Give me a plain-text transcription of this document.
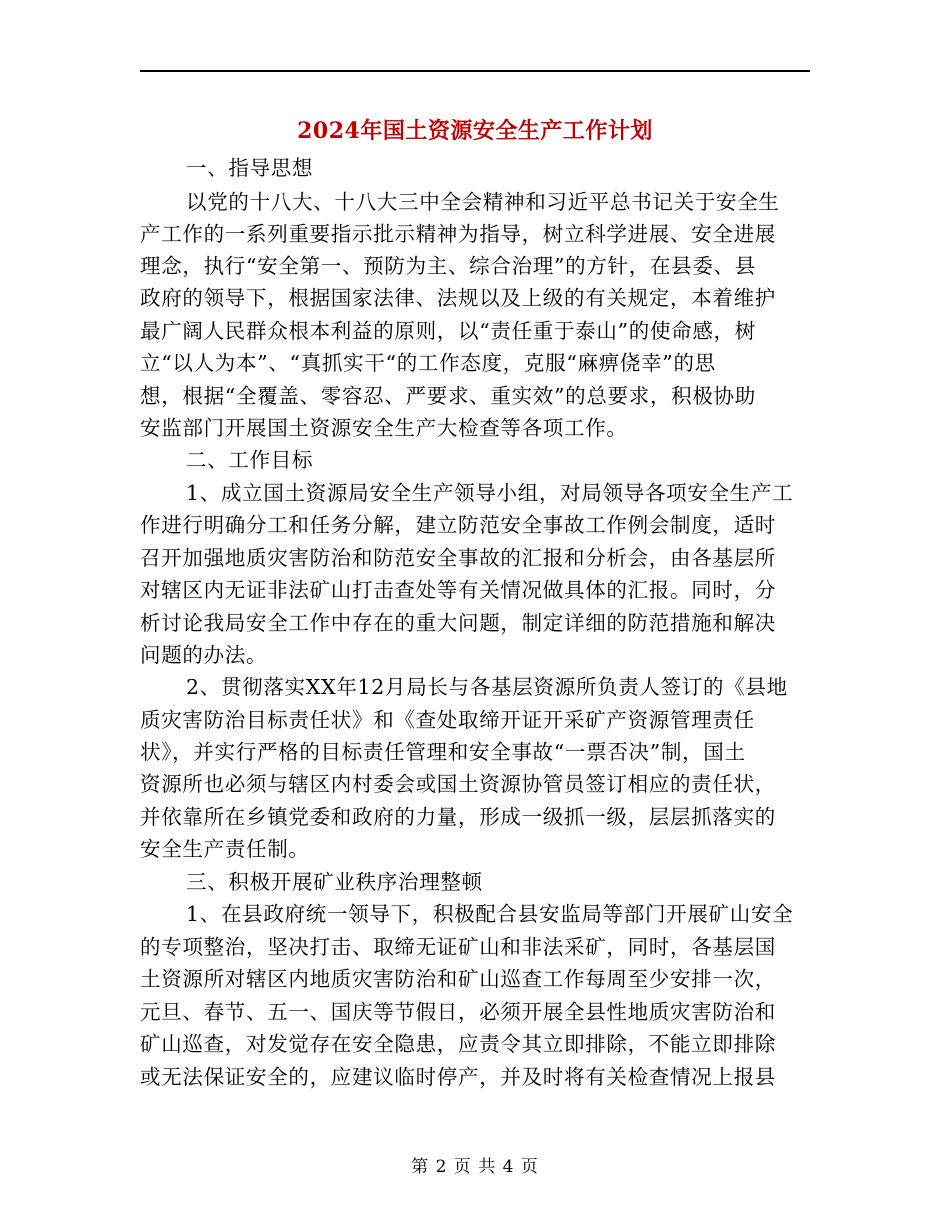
2024年国土资源安全生产工作计划
一、指导思想
以党的十八大、十八大三中全会精神和习近平总书记关于安全生
产工作的一系列重要指示批示精神为指导，树立科学进展、安全进展
理念，执行“安全第一、预防为主、综合治理”的方针，在县委、县
政府的领导下，根据国家法律、法规以及上级的有关规定，本着维护
最广阔人民群众根本利益的原则，以“责任重于泰山”的使命感，树
立“以人为本”、“真抓实干“的工作态度，克服“麻痹侥幸”的思
想，根据“全覆盖、零容忍、严要求、重实效”的总要求，积极协助
安监部门开展国土资源安全生产大检查等各项工作。
二、工作目标
1、成立国土资源局安全生产领导小组，对局领导各项安全生产工
作进行明确分工和任务分解，建立防范安全事故工作例会制度，适时
召开加强地质灾害防治和防范安全事故的汇报和分析会，由各基层所
对辖区内无证非法矿山打击查处等有关情况做具体的汇报。同时，分
析讨论我局安全工作中存在的重大问题，制定详细的防范措施和解决
问题的办法。
2、贯彻落实XX年12月局长与各基层资源所负责人签订的《县地
质灾害防治目标责任状》和《查处取缔开证开采矿产资源管理责任
状》，并实行严格的目标责任管理和安全事故“一票否决”制，国土
资源所也必须与辖区内村委会或国土资源协管员签订相应的责任状，
并依靠所在乡镇党委和政府的力量，形成一级抓一级，层层抓落实的
安全生产责任制。
三、积极开展矿业秩序治理整顿
1、在县政府统一领导下，积极配合县安监局等部门开展矿山安全
的专项整治，坚决打击、取缔无证矿山和非法采矿，同时，各基层国
土资源所对辖区内地质灾害防治和矿山巡查工作每周至少安排一次，
元旦、春节、五一、国庆等节假日，必须开展全县性地质灾害防治和
矿山巡查，对发觉存在安全隐患，应责令其立即排除，不能立即排除
或无法保证安全的，应建议临时停产，并及时将有关检查情况上报县
第 2 页 共 4 页
